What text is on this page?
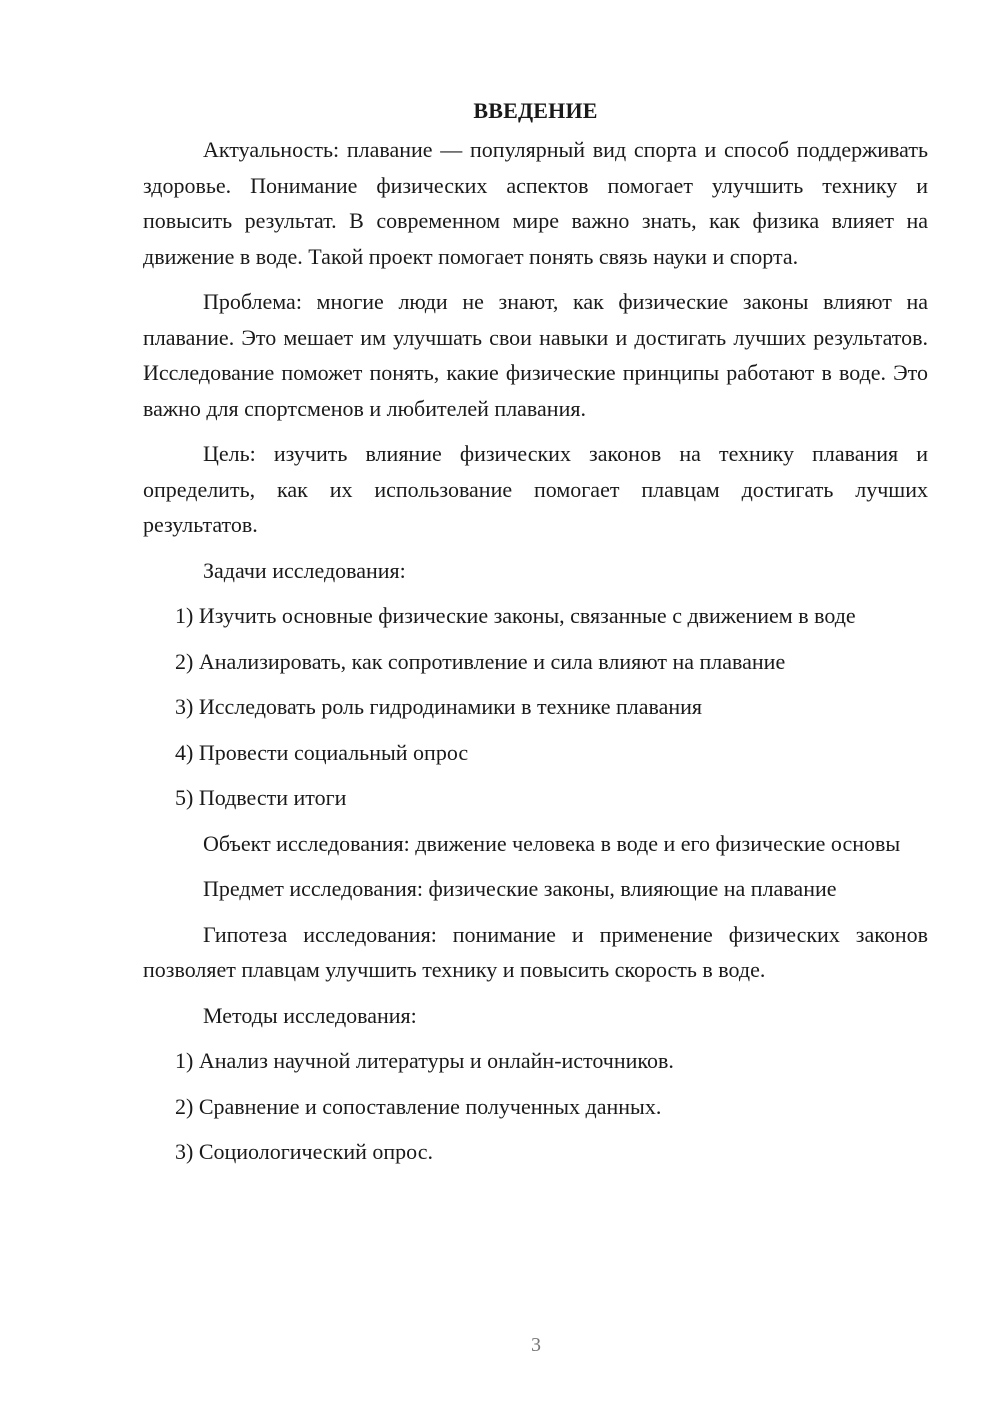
ВВЕДЕНИЕ

Актуальность: плавание — популярный вид спорта и способ поддерживать здоровье. Понимание физических аспектов помогает улучшить технику и повысить результат. В современном мире важно знать, как физика влияет на движение в воде. Такой проект помогает понять связь науки и спорта.

Проблема: многие люди не знают, как физические законы влияют на плавание. Это мешает им улучшать свои навыки и достигать лучших результатов. Исследование поможет понять, какие физические принципы работают в воде. Это важно для спортсменов и любителей плавания.

Цель: изучить влияние физических законов на технику плавания и определить, как их использование помогает плавцам достигать лучших результатов.

Задачи исследования:

1) Изучить основные физические законы, связанные с движением в воде

2) Анализировать, как сопротивление и сила влияют на плавание

3) Исследовать роль гидродинамики в технике плавания

4) Провести социальный опрос

5) Подвести итоги

Объект исследования: движение человека в воде и его физические основы

Предмет исследования: физические законы, влияющие на плавание

Гипотеза исследования: понимание и применение физических законов позволяет плавцам улучшить технику и повысить скорость в воде.

Методы исследования:

1) Анализ научной литературы и онлайн-источников.

2) Сравнение и сопоставление полученных данных.

3) Социологический опрос.

3
